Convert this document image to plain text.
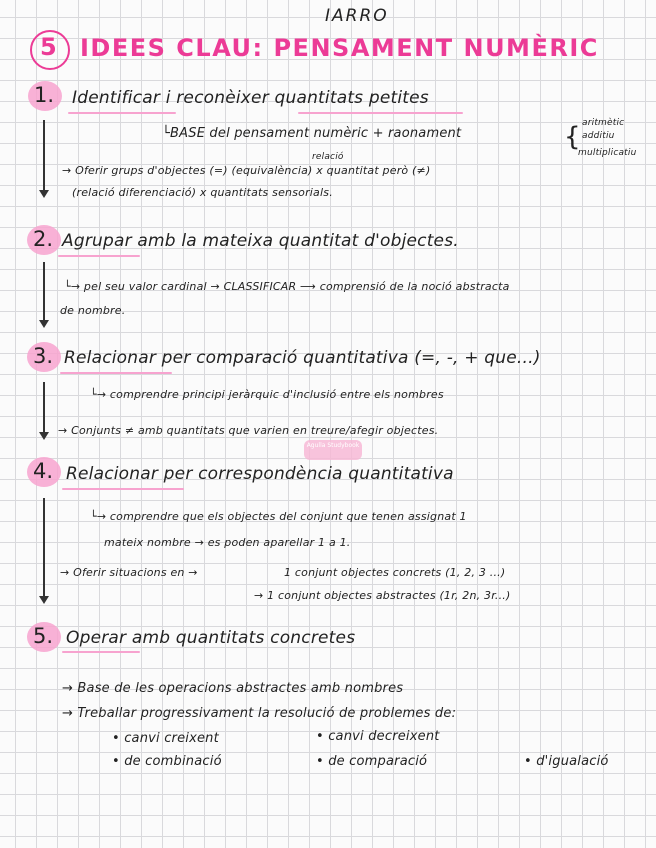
IARRO
5 IDEES CLAU: PENSAMENT NUMÈRIC
1. Identificar i reconèixer quantitats petites
└BASE del pensament numèric + raonament	{ aritmètic
additiu
multiplicatiu
relació
→ Oferir grups d'objectes (=) (equivalència) x quantitat però (≠)
(relació diferenciació) x quantitats sensorials.
2. Agrupar amb la mateixa quantitat d'objectes.
└→ pel seu valor cardinal → CLASSIFICAR ⟶ comprensió de la noció abstracta
de nombre.
3. Relacionar per comparació quantitativa (=, -, + que...)
└→ comprendre principi jeràrquic d'inclusió entre els nombres
→ Conjunts ≠ amb quantitats que varien en treure/afegir objectes.
Agulla Studybook
4. Relacionar per correspondència quantitativa
└→ comprendre que els objectes del conjunt que tenen assignat 1
mateix nombre → es poden aparellar 1 a 1.
→ Oferir situacions en →	1 conjunt objectes concrets (1, 2, 3 ...)
→ 1 conjunt objectes abstractes (1r, 2n, 3r...)
5. Operar amb quantitats concretes
→ Base de les operacions abstractes amb nombres
→ Treballar progressivament la resolució de problemes de:
• canvi creixent	• canvi decreixent
• de combinació	• de comparació	• d'igualació
